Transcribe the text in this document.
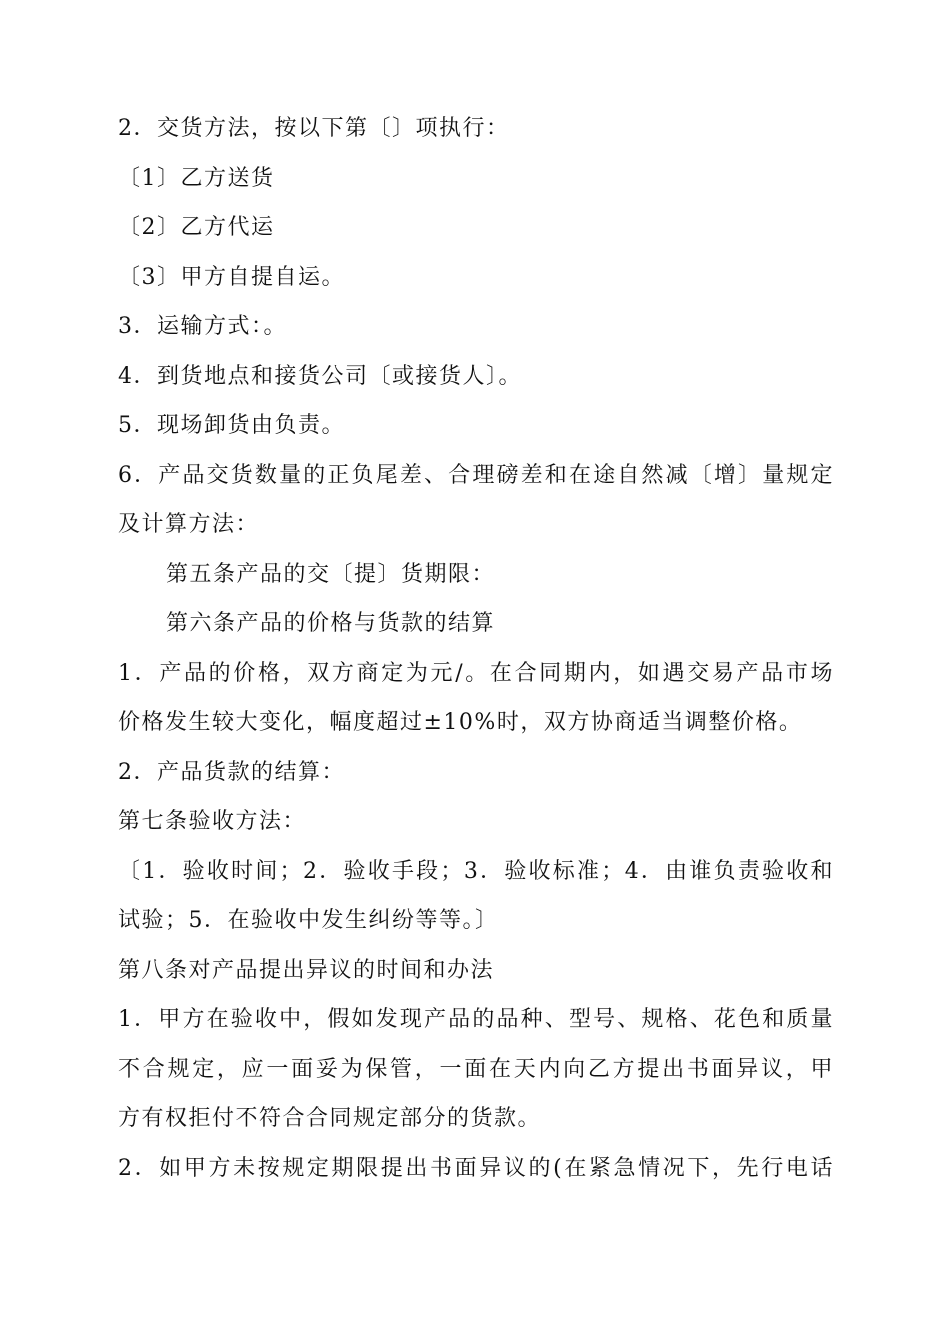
2．交货方法，按以下第〔〕项执行：
〔1〕乙方送货
〔2〕乙方代运
〔3〕甲方自提自运。
3．运输方式：。
4．到货地点和接货公司〔或接货人〕。
5．现场卸货由负责。
6．产品交货数量的正负尾差、合理磅差和在途自然减〔增〕量规定
及计算方法：
第五条产品的交〔提〕货期限：
第六条产品的价格与货款的结算
1．产品的价格，双方商定为元/。在合同期内，如遇交易产品市场
价格发生较大变化，幅度超过±10%时，双方协商适当调整价格。
2．产品货款的结算：
第七条验收方法：
〔1．验收时间；2．验收手段；3．验收标准；4．由谁负责验收和
试验；5．在验收中发生纠纷等等。〕
第八条对产品提出异议的时间和办法
1．甲方在验收中，假如发现产品的品种、型号、规格、花色和质量
不合规定，应一面妥为保管，一面在天内向乙方提出书面异议，甲
方有权拒付不符合合同规定部分的货款。
2．如甲方未按规定期限提出书面异议的(在紧急情况下，先行电话
